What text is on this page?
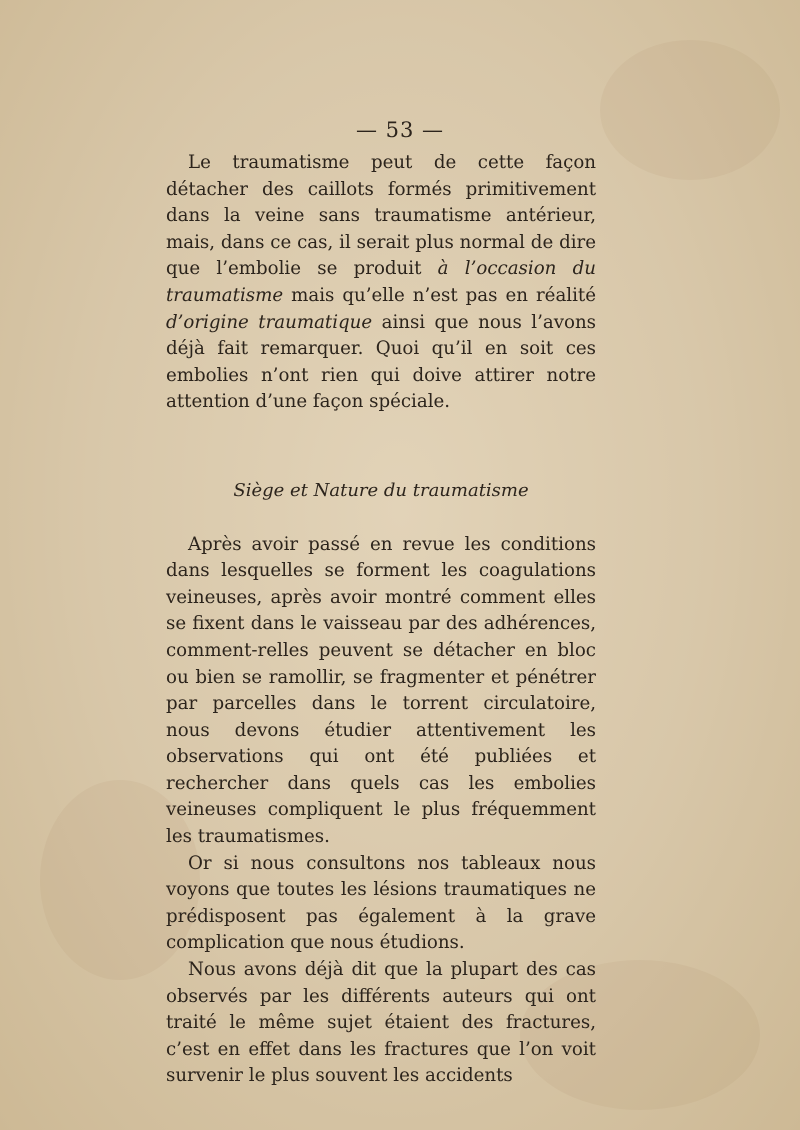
— 53 —

Le traumatisme peut de cette façon détacher des caillots formés primitivement dans la veine sans traumatisme antérieur, mais, dans ce cas, il serait plus normal de dire que l’embolie se produit à l’occasion du traumatisme mais qu’elle n’est pas en réalité d’origine traumatique ainsi que nous l’avons déjà fait remarquer. Quoi qu’il en soit ces embolies n’ont rien qui doive attirer notre attention d’une façon spéciale.

Siège et Nature du traumatisme

Après avoir passé en revue les conditions dans lesquelles se forment les coagulations veineuses, après avoir montré comment elles se fixent dans le vaisseau par des adhérences, comment-relles peuvent se détacher en bloc ou bien se ramollir, se fragmenter et pénétrer par parcelles dans le torrent circulatoire, nous devons étudier attentivement les observations qui ont été publiées et rechercher dans quels cas les embolies veineuses compliquent le plus fréquemment les traumatismes.

Or si nous consultons nos tableaux nous voyons que toutes les lésions traumatiques ne prédisposent pas également à la grave complication que nous étudions.

Nous avons déjà dit que la plupart des cas observés par les différents auteurs qui ont traité le même sujet étaient des fractures, c’est en effet dans les fractures que l’on voit survenir le plus souvent les accidents
